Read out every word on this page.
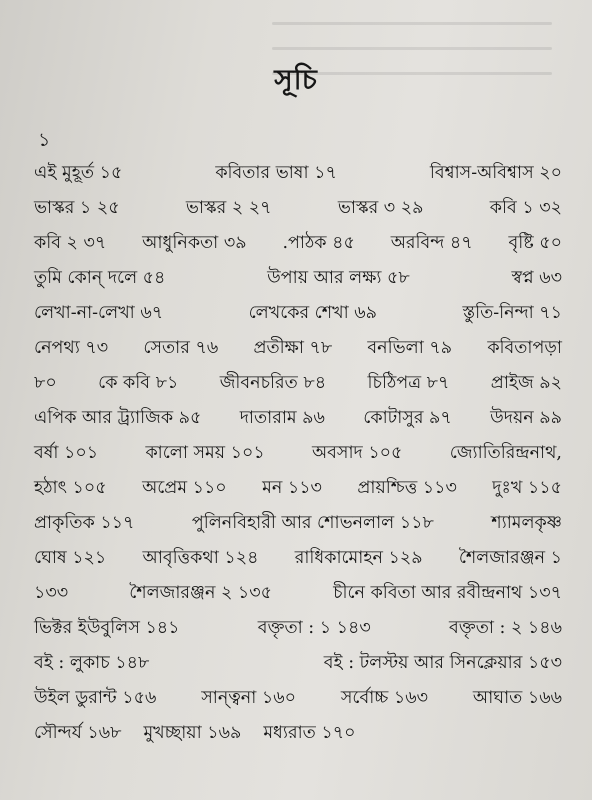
সূচি
১
এই মুহূর্ত ১৫	কবিতার ভাষা ১৭	বিশ্বাস-অবিশ্বাস ২০
ভাস্কর ১ ২৫	ভাস্কর ২ ২৭	ভাস্কর ৩ ২৯	কবি ১ ৩২
কবি ২ ৩৭ আধুনিকতা ৩৯ .পাঠক ৪৫ অরবিন্দ ৪৭ বৃষ্টি ৫০
তুমি কোন্ দলে ৫৪	উপায় আর লক্ষ্য ৫৮	স্বপ্ন ৬৩
লেখা-না-লেখা ৬৭	লেখকের শেখা ৬৯	স্তুতি-নিন্দা ৭১
নেপথ্য ৭৩ সেতার ৭৬ প্রতীক্ষা ৭৮ বনভিলা ৭৯ কবিতাপড়া
৮০ কে কবি ৮১ জীবনচরিত ৮৪ চিঠিপত্র ৮৭ প্রাইজ ৯২
এপিক আর ট্র্যাজিক ৯৫ দাতারাম ৯৬ কোটাসুর ৯৭ উদয়ন ৯৯
বর্ষা ১০১	কালো সময় ১০১	অবসাদ ১০৫	জ্যোতিরিন্দ্রনাথ,
হঠাৎ ১০৫ অপ্রেম ১১০ মন ১১৩ প্রায়শ্চিত্ত ১১৩ দুঃখ ১১৫
প্রাকৃতিক ১১৭	পুলিনবিহারী আর শোভনলাল ১১৮	শ্যামলকৃষ্ণ
ঘোষ ১২১ আবৃত্তিকথা ১২৪ রাধিকামোহন ১২৯ শৈলজারঞ্জন ১
১৩৩	শৈলজারঞ্জন ২ ১৩৫	চীনে কবিতা আর রবীন্দ্রনাথ ১৩৭
ভিক্টর ইউবুলিস ১৪১	বক্তৃতা : ১ ১৪৩	বক্তৃতা : ২ ১৪৬
বই : লুকাচ ১৪৮	বই : টলস্টয় আর সিনক্লেয়ার ১৫৩
উইল ডুরান্ট ১৫৬	সান্ত্বনা ১৬০	সর্বোচ্চ ১৬৩	আঘাত ১৬৬
সৌন্দর্য ১৬৮ মুখচ্ছায়া ১৬৯ মধ্যরাত ১৭০
